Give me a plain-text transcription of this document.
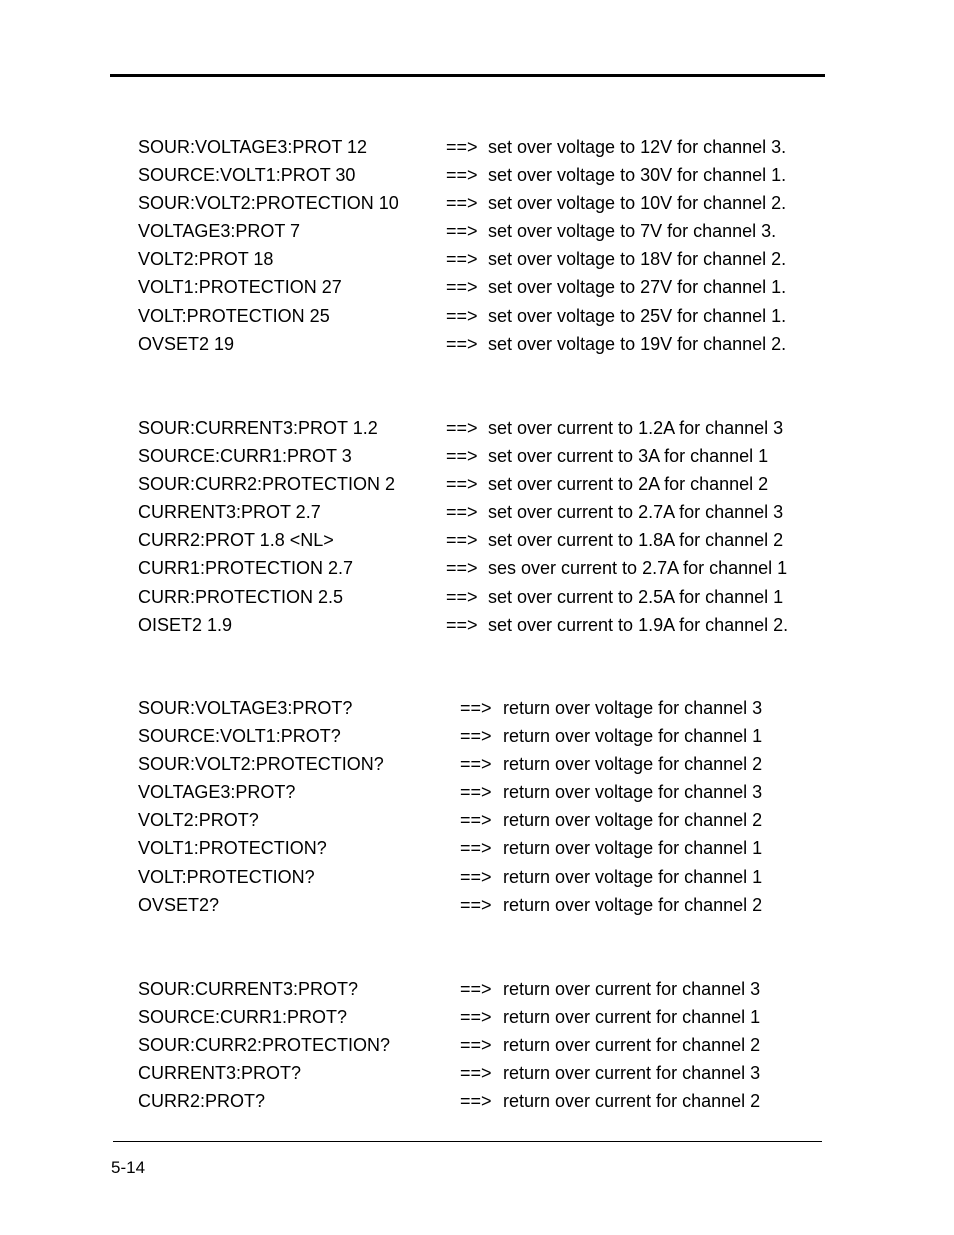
SOUR:VOLTAGE3:PROT 12	==> set over voltage to 12V for channel 3.
SOURCE:VOLT1:PROT 30	==> set over voltage to 30V for channel 1.
SOUR:VOLT2:PROTECTION 10	==> set over voltage to 10V for channel 2.
VOLTAGE3:PROT 7	==> set over voltage to 7V for channel 3.
VOLT2:PROT 18	==> set over voltage to 18V for channel 2.
VOLT1:PROTECTION 27	==> set over voltage to 27V for channel 1.
VOLT:PROTECTION 25	==> set over voltage to 25V for channel 1.
OVSET2 19	==> set over voltage to 19V for channel 2.
SOUR:CURRENT3:PROT 1.2	==> set over current to 1.2A for channel 3
SOURCE:CURR1:PROT 3	==> set over current to 3A for channel 1
SOUR:CURR2:PROTECTION 2	==> set over current to 2A for channel 2
CURRENT3:PROT 2.7	==> set over current to 2.7A for channel 3
CURR2:PROT 1.8 <NL>	==> set over current to 1.8A for channel 2
CURR1:PROTECTION 2.7	==> ses over current to 2.7A for channel 1
CURR:PROTECTION 2.5	==> set over current to 2.5A for channel 1
OISET2 1.9	==> set over current to 1.9A for channel 2.
SOUR:VOLTAGE3:PROT?	==> return over voltage for channel 3
SOURCE:VOLT1:PROT?	==> return over voltage for channel 1
SOUR:VOLT2:PROTECTION?	==> return over voltage for channel 2
VOLTAGE3:PROT?	==> return over voltage for channel 3
VOLT2:PROT?	==> return over voltage for channel 2
VOLT1:PROTECTION?	==> return over voltage for channel 1
VOLT:PROTECTION?	==> return over voltage for channel 1
OVSET2?	==> return over voltage for channel 2
SOUR:CURRENT3:PROT?	==> return over current for channel 3
SOURCE:CURR1:PROT?	==> return over current for channel 1
SOUR:CURR2:PROTECTION?	==> return over current for channel 2
CURRENT3:PROT?	==> return over current for channel 3
CURR2:PROT?	==> return over current for channel 2
5-14
